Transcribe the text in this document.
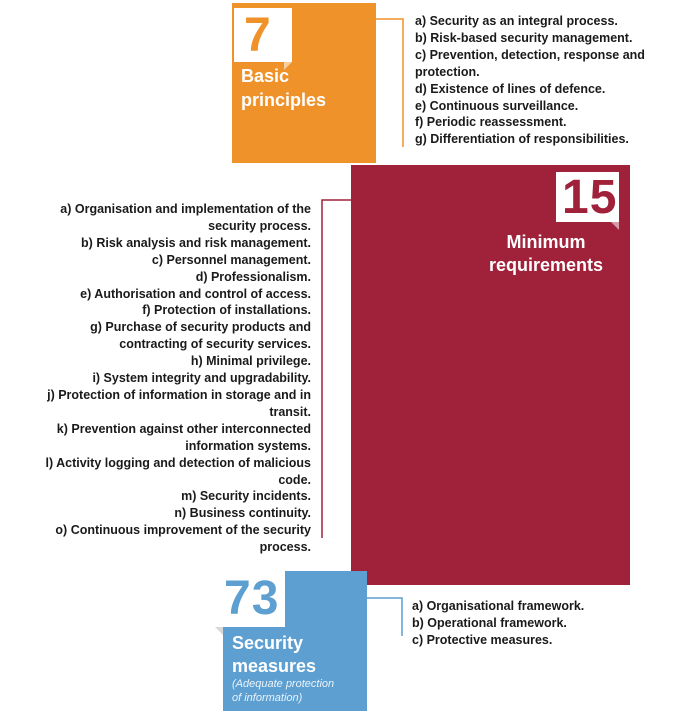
7
Basic
principles
a) Security as an integral process.
b) Risk-based security management.
c) Prevention, detection, response and
protection.
d) Existence of lines of defence.
e) Continuous surveillance.
f) Periodic reassessment.
g) Differentiation of responsibilities.
15
Minimum
requirements
a) Organisation and implementation of the
security process.
b) Risk analysis and risk management.
c) Personnel management.
d) Professionalism.
e) Authorisation and control of access.
f) Protection of installations.
g) Purchase of security products and
contracting of security services.
h) Minimal privilege.
i) System integrity and upgradability.
j) Protection of information in storage and in
transit.
k) Prevention against other interconnected
information systems.
l) Activity logging and detection of malicious
code.
m) Security incidents.
n) Business continuity.
o) Continuous improvement of the security
process.
73
Security
measures
(Adequate protection
of information)
a) Organisational framework.
b) Operational framework.
c) Protective measures.
